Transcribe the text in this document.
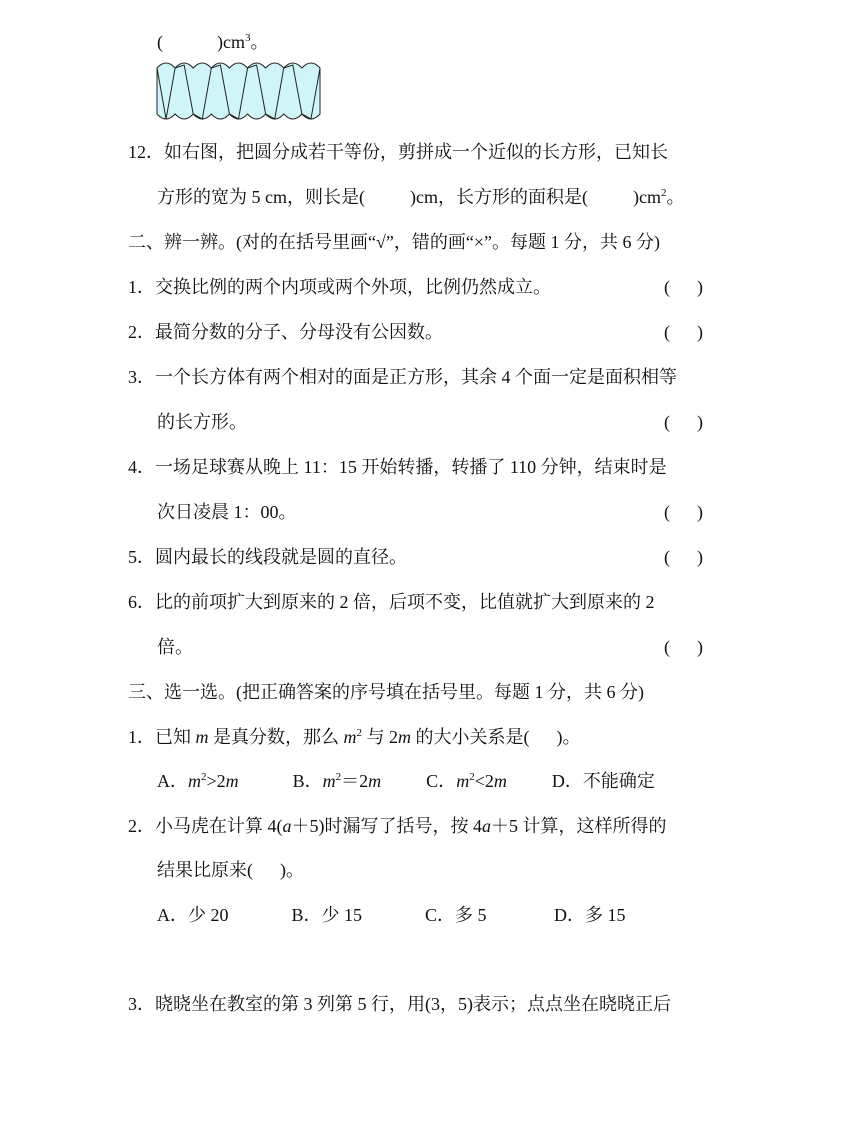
(            )$cm^3$。
12．如右图，把圆分成若干等份，剪拼成一个近似的长方形，已知长
方形的宽为 5 cm，则长是(          )cm，长方形的面积是(          )$cm^2$。
二、辨一辨。(对的在括号里画“√”，错的画“×”。每题 1 分，共 6 分)
1．交换比例的两个内项或两个外项，比例仍然成立。	(      )
2．最简分数的分子、分母没有公因数。	(      )
3．一个长方体有两个相对的面是正方形，其余 4 个面一定是面积相等
的长方形。	(      )
4．一场足球赛从晚上 11：15 开始转播，转播了 110 分钟，结束时是
次日凌晨 1：00。	(      )
5．圆内最长的线段就是圆的直径。	(      )
6．比的前项扩大到原来的 2 倍，后项不变，比值就扩大到原来的 2
倍。	(      )
三、选一选。(把正确答案的序号填在括号里。每题 1 分，共 6 分)
1．已知 m 是真分数，那么 $m^2$ 与 2m 的大小关系是(      )。
A．$m^2>2m$            B．$m^2=2m$          C．$m^2<2m$          D．不能确定
2．小马虎在计算 4(a＋5)时漏写了括号，按 4a＋5 计算，这样所得的
结果比原来(      )。
A．少 20              B．少 15              C．多 5               D．多 15
3．晓晓坐在教室的第 3 列第 5 行，用(3，5)表示；点点坐在晓晓正后
